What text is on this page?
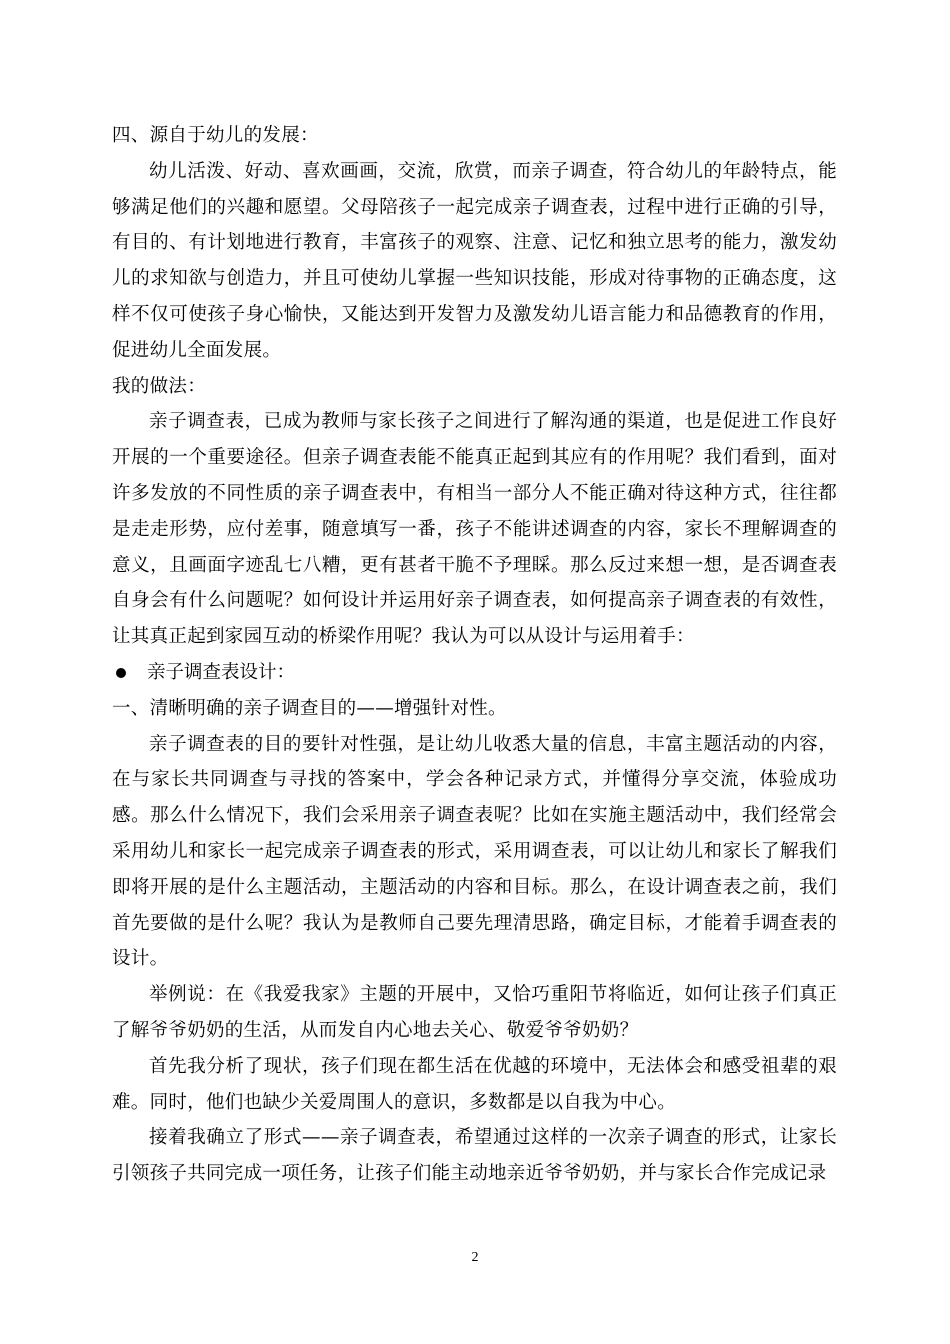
四、源自于幼儿的发展：

幼儿活泼、好动、喜欢画画，交流，欣赏，而亲子调查，符合幼儿的年龄特点，能够满足他们的兴趣和愿望。父母陪孩子一起完成亲子调查表，过程中进行正确的引导，有目的、有计划地进行教育，丰富孩子的观察、注意、记忆和独立思考的能力，激发幼儿的求知欲与创造力，并且可使幼儿掌握一些知识技能，形成对待事物的正确态度，这样不仅可使孩子身心愉快，又能达到开发智力及激发幼儿语言能力和品德教育的作用，促进幼儿全面发展。

我的做法：

亲子调查表，已成为教师与家长孩子之间进行了解沟通的渠道，也是促进工作良好开展的一个重要途径。但亲子调查表能不能真正起到其应有的作用呢？我们看到，面对许多发放的不同性质的亲子调查表中，有相当一部分人不能正确对待这种方式，往往都是走走形势，应付差事，随意填写一番，孩子不能讲述调查的内容，家长不理解调查的意义，且画面字迹乱七八糟，更有甚者干脆不予理睬。那么反过来想一想，是否调查表自身会有什么问题呢？如何设计并运用好亲子调查表，如何提高亲子调查表的有效性，让其真正起到家园互动的桥梁作用呢？我认为可以从设计与运用着手：

亲子调查表设计：

一、清晰明确的亲子调查目的——增强针对性。

亲子调查表的目的要针对性强，是让幼儿收悉大量的信息，丰富主题活动的内容，在与家长共同调查与寻找的答案中，学会各种记录方式，并懂得分享交流，体验成功感。那么什么情况下，我们会采用亲子调查表呢？比如在实施主题活动中，我们经常会采用幼儿和家长一起完成亲子调查表的形式，采用调查表，可以让幼儿和家长了解我们即将开展的是什么主题活动，主题活动的内容和目标。那么，在设计调查表之前，我们首先要做的是什么呢？我认为是教师自己要先理清思路，确定目标，才能着手调查表的设计。

举例说：在《我爱我家》主题的开展中，又恰巧重阳节将临近，如何让孩子们真正了解爷爷奶奶的生活，从而发自内心地去关心、敬爱爷爷奶奶？

首先我分析了现状，孩子们现在都生活在优越的环境中，无法体会和感受祖辈的艰难。同时，他们也缺少关爱周围人的意识，多数都是以自我为中心。

接着我确立了形式——亲子调查表，希望通过这样的一次亲子调查的形式，让家长引领孩子共同完成一项任务，让孩子们能主动地亲近爷爷奶奶，并与家长合作完成记录

2
